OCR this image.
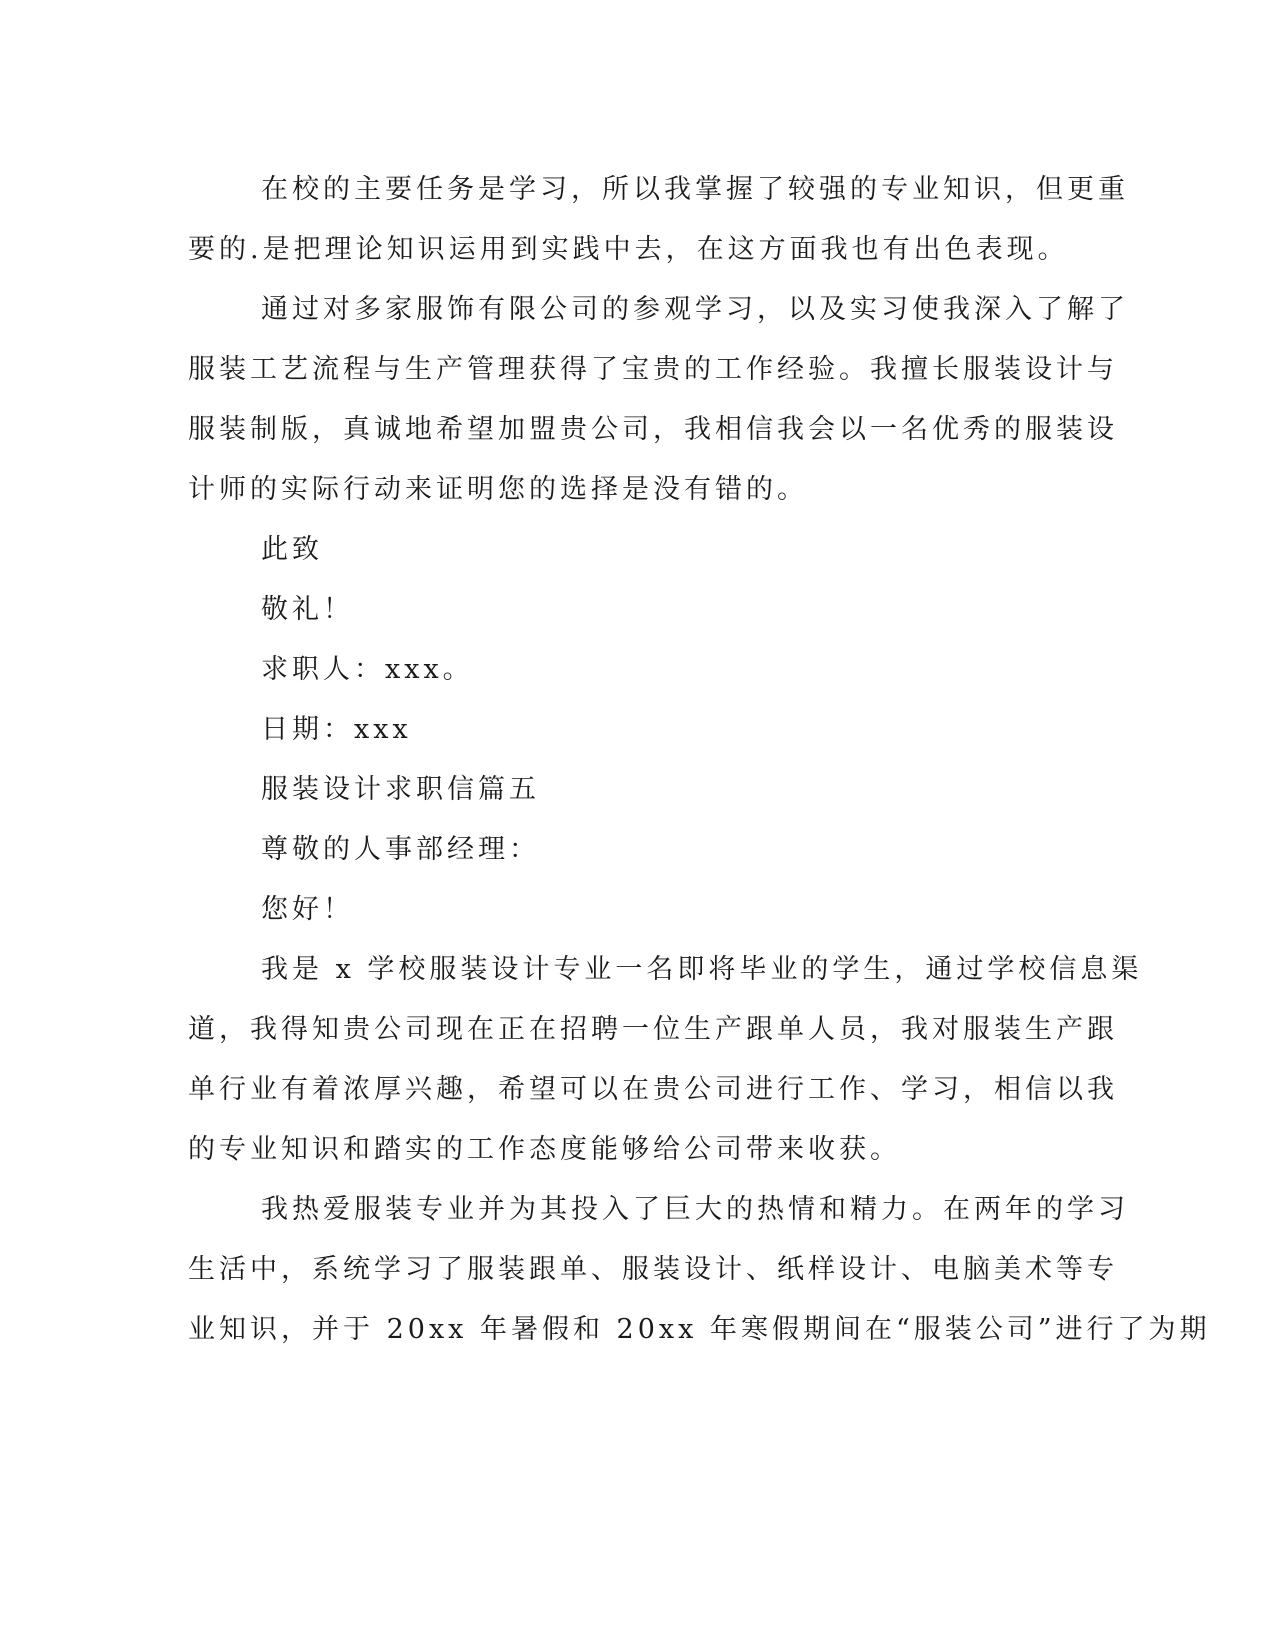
在校的主要任务是学习，所以我掌握了较强的专业知识，但更重
要的.是把理论知识运用到实践中去，在这方面我也有出色表现。
通过对多家服饰有限公司的参观学习，以及实习使我深入了解了
服装工艺流程与生产管理获得了宝贵的工作经验。我擅长服装设计与
服装制版，真诚地希望加盟贵公司，我相信我会以一名优秀的服装设
计师的实际行动来证明您的选择是没有错的。
此致
敬礼！
求职人：xxx。
日期：xxx
服装设计求职信篇五
尊敬的人事部经理：
您好！
我是 x 学校服装设计专业一名即将毕业的学生，通过学校信息渠
道，我得知贵公司现在正在招聘一位生产跟单人员，我对服装生产跟
单行业有着浓厚兴趣，希望可以在贵公司进行工作、学习，相信以我
的专业知识和踏实的工作态度能够给公司带来收获。
我热爱服装专业并为其投入了巨大的热情和精力。在两年的学习
生活中，系统学习了服装跟单、服装设计、纸样设计、电脑美术等专
业知识，并于 20xx 年暑假和 20xx 年寒假期间在“服装公司”进行了为期
